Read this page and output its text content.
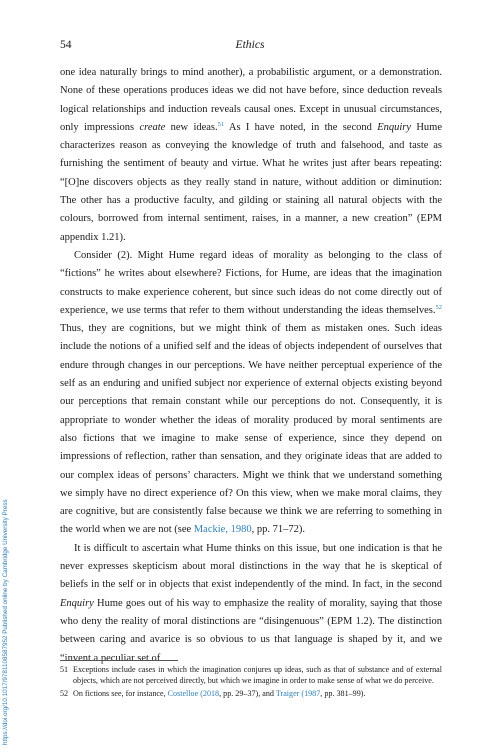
54	Ethics

one idea naturally brings to mind another), a probabilistic argument, or a demonstration. None of these operations produces ideas we did not have before, since deduction reveals logical relationships and induction reveals causal ones. Except in unusual circumstances, only impressions create new ideas.$^{51}$ As I have noted, in the second Enquiry Hume characterizes reason as conveying the knowledge of truth and falsehood, and taste as furnishing the sentiment of beauty and virtue. What he writes just after bears repeating: “[O]ne discovers objects as they really stand in nature, without addition or diminution: The other has a productive faculty, and gilding or staining all natural objects with the colours, borrowed from internal sentiment, raises, in a manner, a new creation” (EPM appendix 1.21).

Consider (2). Might Hume regard ideas of morality as belonging to the class of “fictions” he writes about elsewhere? Fictions, for Hume, are ideas that the imagination constructs to make experience coherent, but since such ideas do not come directly out of experience, we use terms that refer to them without understanding the ideas themselves.$^{52}$ Thus, they are cognitions, but we might think of them as mistaken ones. Such ideas include the notions of a unified self and the ideas of objects independent of ourselves that endure through changes in our perceptions. We have neither perceptual experience of the self as an enduring and unified subject nor experience of external objects existing beyond our perceptions that remain constant while our perceptions do not. Consequently, it is appropriate to wonder whether the ideas of morality produced by moral sentiments are also fictions that we imagine to make sense of experience, since they depend on impressions of reflection, rather than sensation, and they originate ideas that are added to our complex ideas of persons’ characters. Might we think that we understand something we simply have no direct experience of? On this view, when we make moral claims, they are cognitive, but are consistently false because we think we are referring to something in the world when we are not (see Mackie, 1980, pp. 71–72).

It is difficult to ascertain what Hume thinks on this issue, but one indication is that he never expresses skepticism about moral distinctions in the way that he is skeptical of beliefs in the self or in objects that exist independently of the mind. In fact, in the second Enquiry Hume goes out of his way to emphasize the reality of morality, saying that those who deny the reality of moral distinctions are “disingenuous” (EPM 1.2). The distinction between caring and avarice is so obvious to us that language is shaped by it, and we “invent a peculiar set of

51 Exceptions include cases in which the imagination conjures up ideas, such as that of substance and of external objects, which are not perceived directly, but which we imagine in order to make sense of what we do perceive.
52 On fictions see, for instance, Costelloe (2018, pp. 29–37), and Traiger (1987, pp. 381–99).
https://doi.org/10.1017/9781108587952 Published online by Cambridge University Press
